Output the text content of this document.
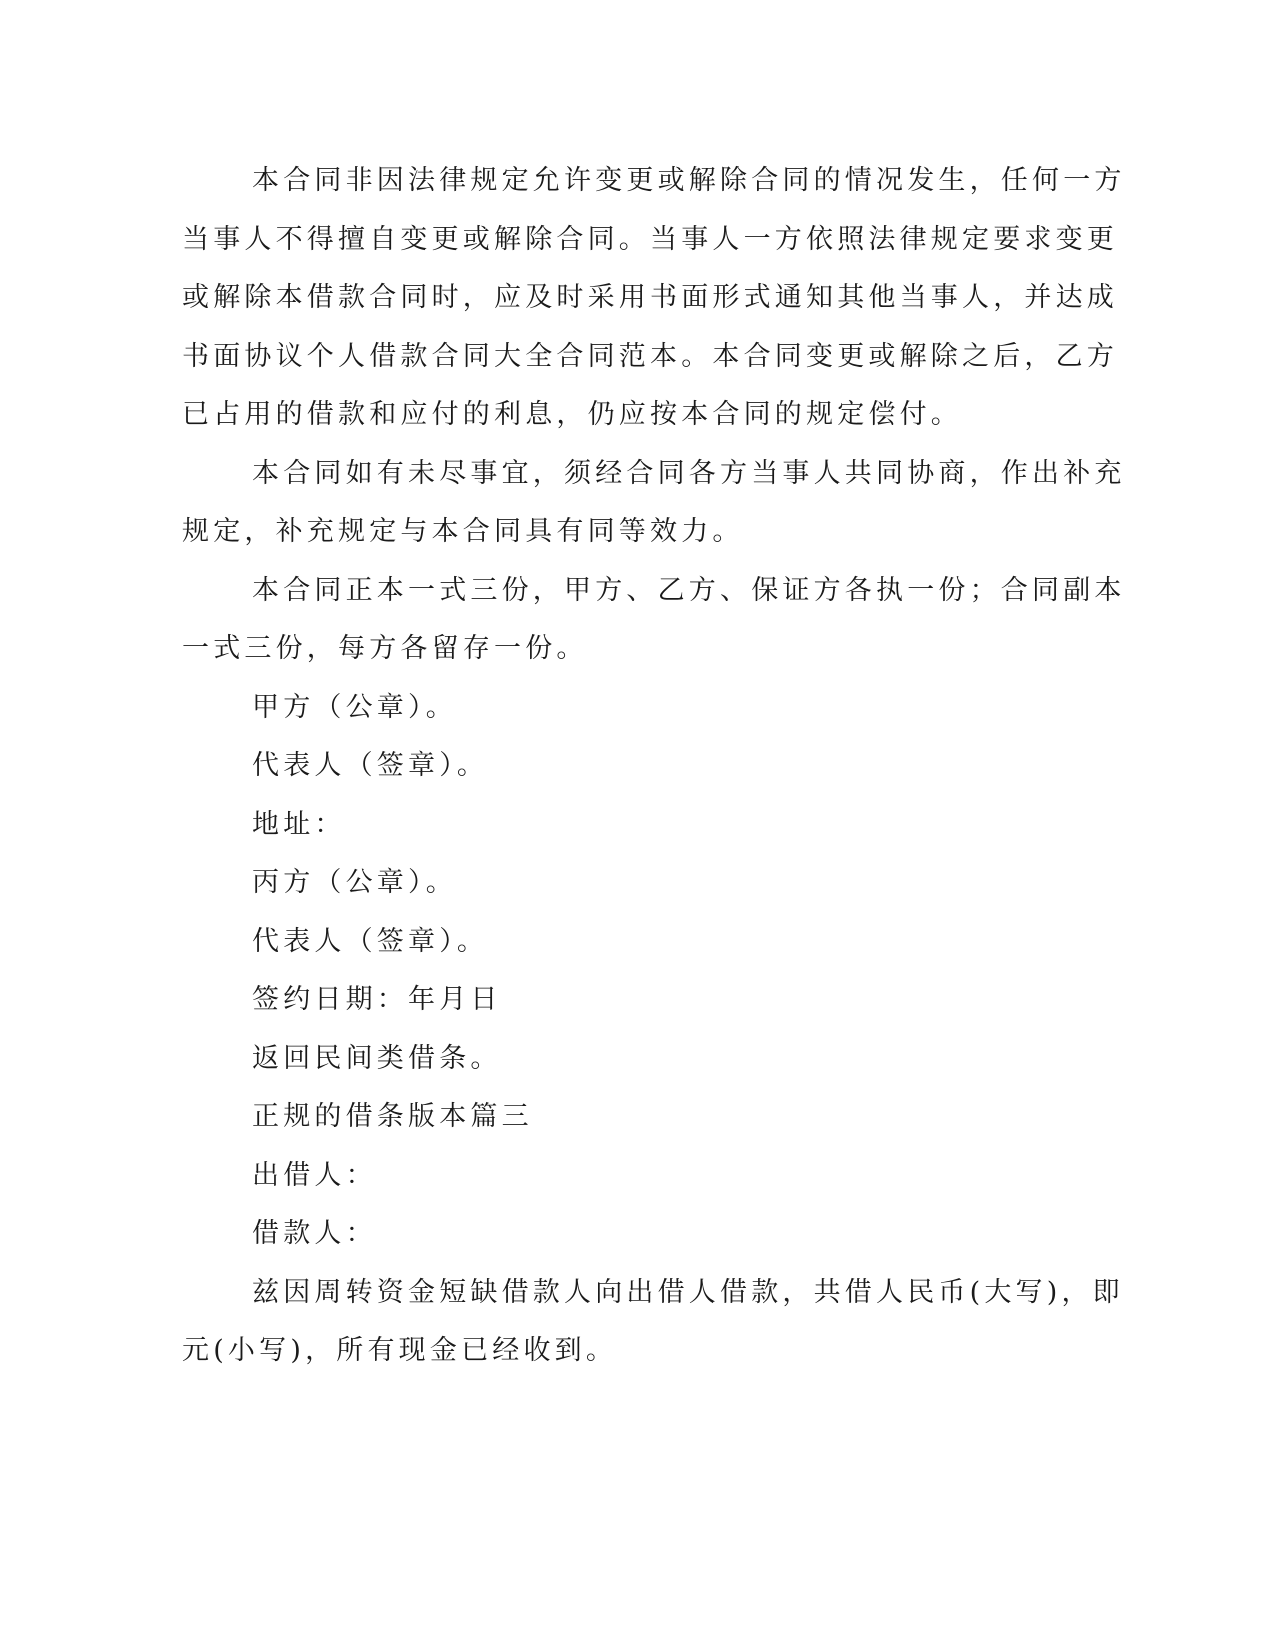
本合同非因法律规定允许变更或解除合同的情况发生，任何一方
当事人不得擅自变更或解除合同。当事人一方依照法律规定要求变更
或解除本借款合同时，应及时采用书面形式通知其他当事人，并达成
书面协议个人借款合同大全合同范本。本合同变更或解除之后，乙方
已占用的借款和应付的利息，仍应按本合同的规定偿付。

本合同如有未尽事宜，须经合同各方当事人共同协商，作出补充
规定，补充规定与本合同具有同等效力。

本合同正本一式三份，甲方、乙方、保证方各执一份；合同副本
一式三份，每方各留存一份。

甲方（公章）。

代表人（签章）。

地址：

丙方（公章）。

代表人（签章）。

签约日期：年月日

返回民间类借条。

正规的借条版本篇三

出借人：

借款人：

兹因周转资金短缺借款人向出借人借款，共借人民币(大写)，即
元(小写)，所有现金已经收到。
